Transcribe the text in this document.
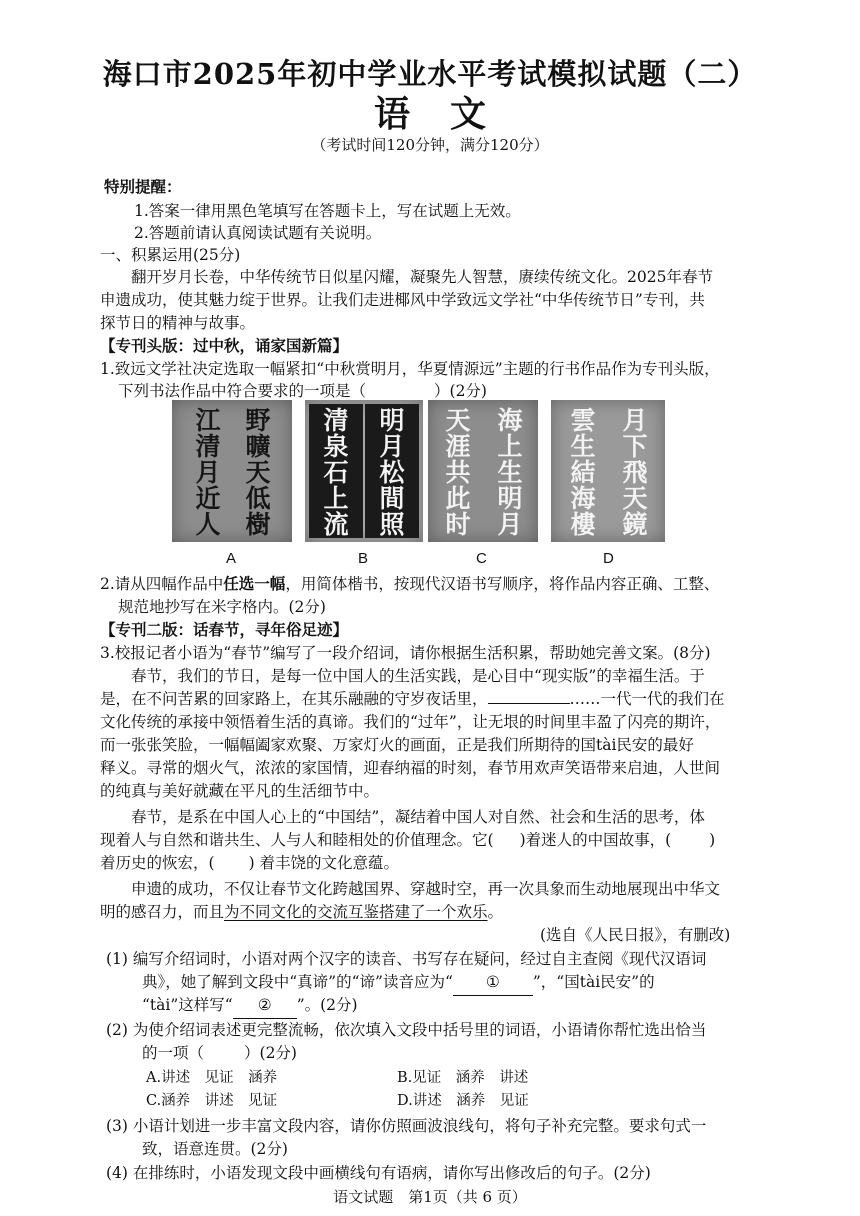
海口市2025年初中学业水平考试模拟试题（二）
语文
（考试时间120分钟，满分120分）
特别提醒：
1.答案一律用黑色笔填写在答题卡上，写在试题上无效。
2.答题前请认真阅读试题有关说明。
一、积累运用(25分)
翻开岁月长卷，中华传统节日似星闪耀，凝聚先人智慧，赓续传统文化。2025年春节
申遗成功，使其魅力绽于世界。让我们走进椰风中学致远文学社“中华传统节日”专刊，共
探节日的精神与故事。
【专刊头版：过中秋，诵家国新篇】
1.致远文学社决定选取一幅紧扣“中秋赏明月，华夏情源远”主题的行书作品作为专刊头版，
下列书法作品中符合要求的一项是（	）(2分)
野
曠
天
低
樹
江
清
月
近
人
明
月
松
間
照
清
泉
石
上
流
海
上
生
明
月
天
涯
共
此
时
月
下
飛
天
鏡
雲
生
結
海
樓
A	B	C	D
2.请从四幅作品中任选一幅，用简体楷书，按现代汉语书写顺序，将作品内容正确、工整、
规范地抄写在米字格内。(2分)
【专刊二版：话春节，寻年俗足迹】
3.校报记者小语为“春节”编写了一段介绍词，请你根据生活积累，帮助她完善文案。(8分)
春节，我们的节日，是每一位中国人的生活实践，是心目中“现实版”的幸福生活。于
是，在不问苦累的回家路上，在其乐融融的守岁夜话里，	……一代一代的我们在
文化传统的承接中领悟着生活的真谛。我们的“过年”，让无垠的时间里丰盈了闪亮的期许，
而一张张笑脸，一幅幅阖家欢聚、万家灯火的画面，正是我们所期待的国tài民安的最好
释义。寻常的烟火气，浓浓的家国情，迎春纳福的时刻，春节用欢声笑语带来启迪，人世间
的纯真与美好就藏在平凡的生活细节中。
春节，是系在中国人心上的“中国结”，凝结着中国人对自然、社会和生活的思考，体
现着人与自然和谐共生、人与人和睦相处的价值理念。它( )着迷人的中国故事，( )
着历史的恢宏，( ) 着丰饶的文化意蕴。
申遗的成功，不仅让春节文化跨越国界、穿越时空，再一次具象而生动地展现出中华文
明的感召力，而且为不同文化的交流互鉴搭建了一个欢乐。
(选自《人民日报》，有删改)
(1) 编写介绍词时，小语对两个汉字的读音、书写存在疑问，经过自主查阅《现代汉语词
典》，她了解到文段中“真谛”的“谛”读音应为“ ① ”，“国tài民安”的
“tài”这样写“ ② ”。(2分)
(2) 为使介绍词表述更完整流畅，依次填入文段中括号里的词语，小语请你帮忙选出恰当
的一项（	）(2分)
A.讲述　见证　涵养	B.见证　涵养　讲述
C.涵养　讲述　见证	D.讲述　涵养　见证
(3) 小语计划进一步丰富文段内容，请你仿照画波浪线句，将句子补充完整。要求句式一
致，语意连贯。(2分)
(4) 在排练时，小语发现文段中画横线句有语病，请你写出修改后的句子。(2分)
语文试题　第1页（共 6 页）
